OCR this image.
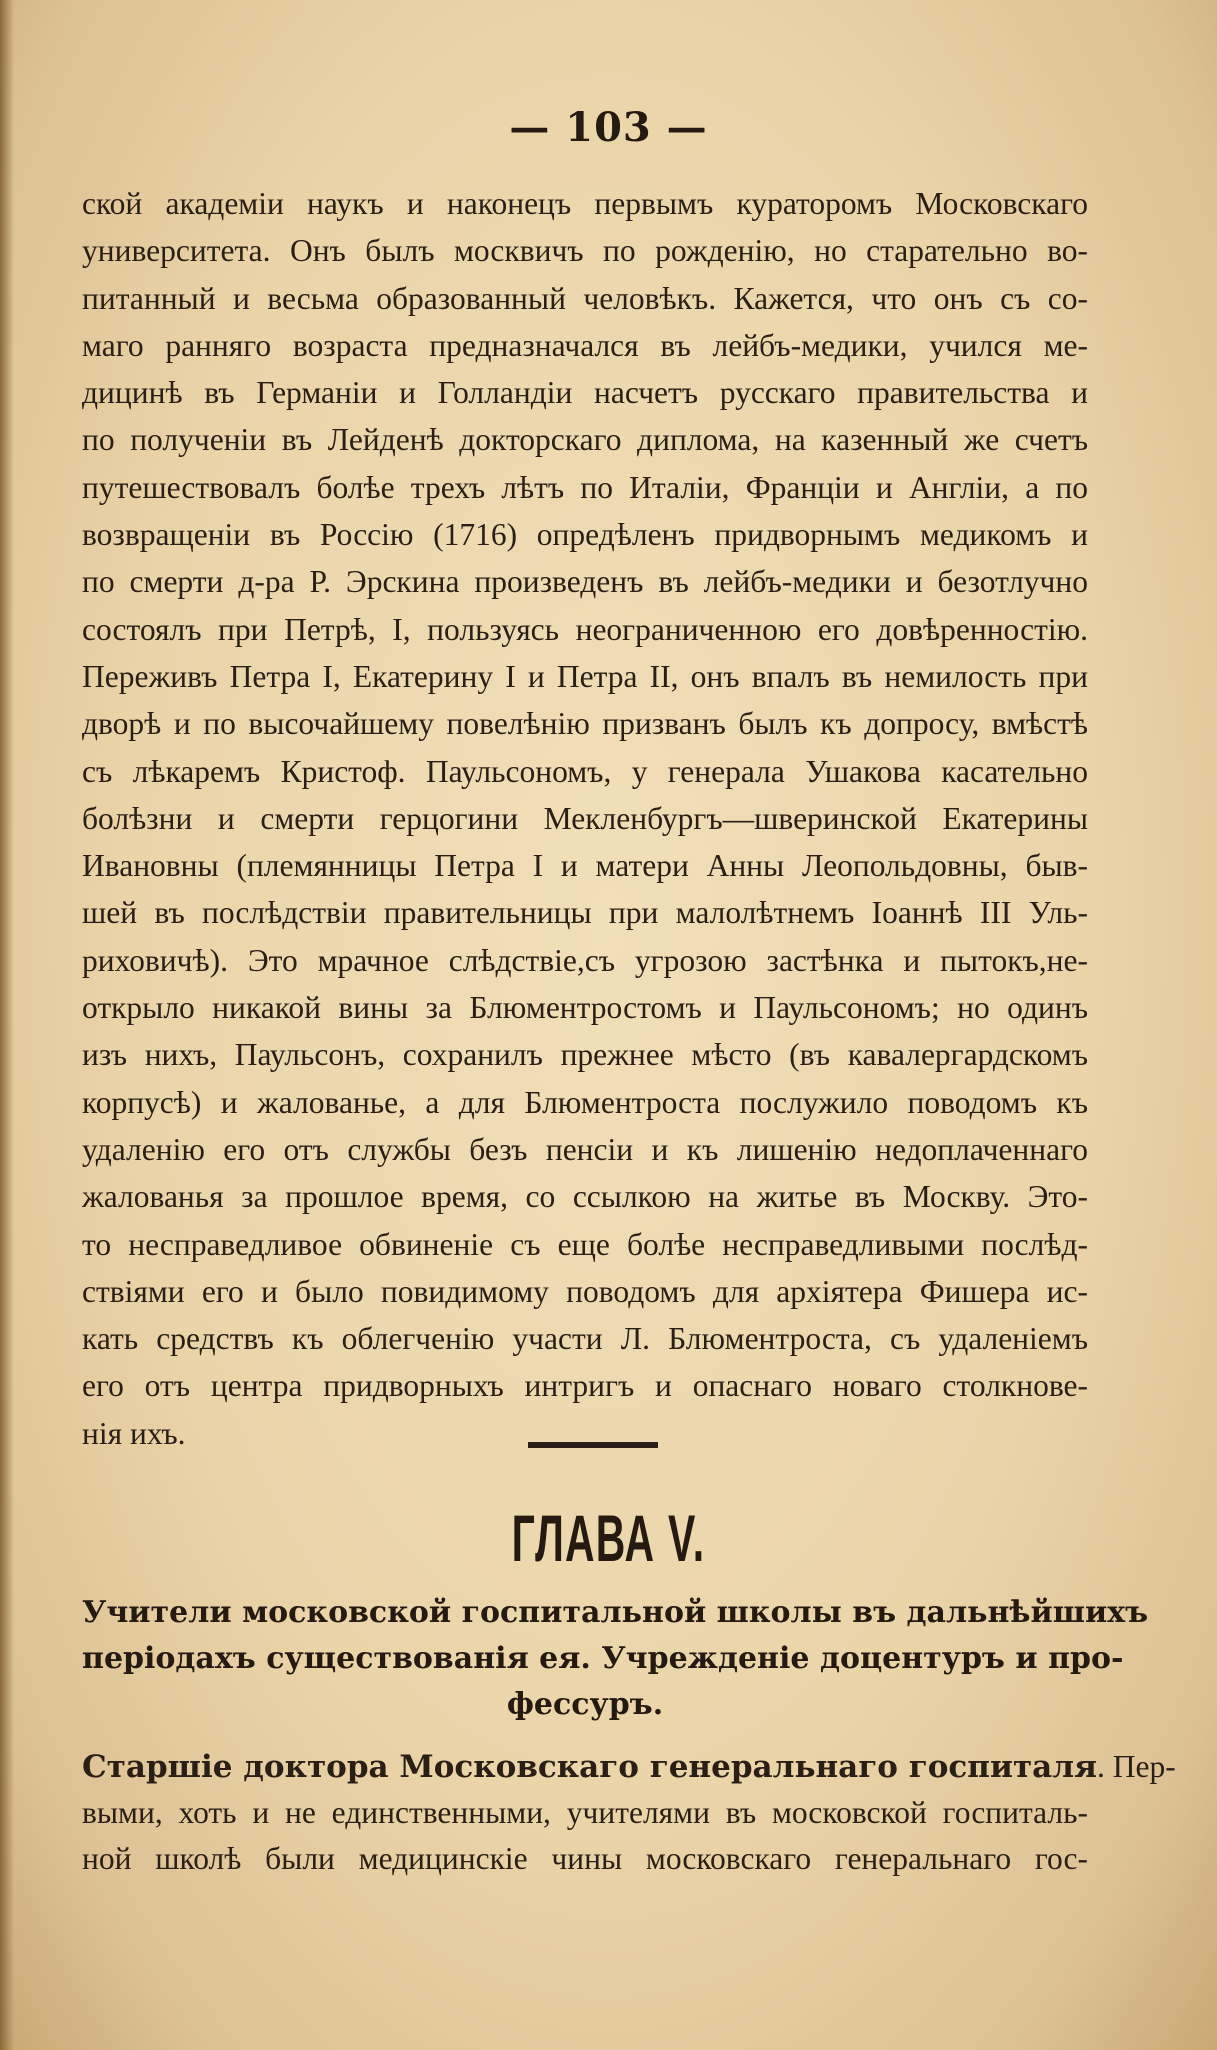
— 103 —
ской академіи наукъ и наконецъ первымъ кураторомъ Московскаго
университета. Онъ былъ москвичъ по рожденію, но старательно во-
питанный и весьма образованный человѣкъ. Кажется, что онъ съ со-
маго ранняго возраста предназначался въ лейбъ-медики, учился ме-
дицинѣ въ Германіи и Голландіи насчетъ русскаго правительства и
по полученіи въ Лейденѣ докторскаго диплома, на казенный же счетъ
путешествовалъ болѣе трехъ лѣтъ по Италіи, Франціи и Англіи, а по
возвращеніи въ Россію (1716) опредѣленъ придворнымъ медикомъ и
по смерти д-ра Р. Эрскина произведенъ въ лейбъ-медики и безотлучно
состоялъ при Петрѣ, I, пользуясь неограниченною его довѣренностію.
Переживъ Петра I, Екатерину I и Петра II, онъ впалъ въ немилость при
дворѣ и по высочайшему повелѣнію призванъ былъ къ допросу, вмѣстѣ
съ лѣкаремъ Кристоф. Паульсономъ, у генерала Ушакова касательно
болѣзни и смерти герцогини Мекленбургъ—шверинской Екатерины
Ивановны (племянницы Петра I и матери Анны Леопольдовны, быв-
шей въ послѣдствіи правительницы при малолѣтнемъ Іоаннѣ III Уль-
риховичѣ). Это мрачное слѣдствіе,съ угрозою застѣнка и пытокъ,не-
открыло никакой вины за Блюментростомъ и Паульсономъ; но одинъ
изъ нихъ, Паульсонъ, сохранилъ прежнее мѣсто (въ кавалергардскомъ
корпусѣ) и жалованье, а для Блюментроста послужило поводомъ къ
удаленію его отъ службы безъ пенсіи и къ лишенію недоплаченнаго
жалованья за прошлое время, со ссылкою на житье въ Москву. Это-
то несправедливое обвиненіе съ еще болѣе несправедливыми послѣд-
ствіями его и было повидимому поводомъ для архіятера Фишера ис-
кать средствъ къ облегченію участи Л. Блюментроста, съ удаленіемъ
его отъ центра придворныхъ интригъ и опаснаго новаго столкнове-
нія ихъ.
ГЛАВА V.
Учители московской госпитальной школы въ дальнѣйшихъ
періодахъ существованія ея. Учрежденіе доцентуръ и про-
фессуръ.
Старшіе доктора Московскаго генеральнаго госпиталя. Пер-
выми, хоть и не единственными, учителями въ московской госпиталь-
ной школѣ были медицинскіе чины московскаго генеральнаго гос-
